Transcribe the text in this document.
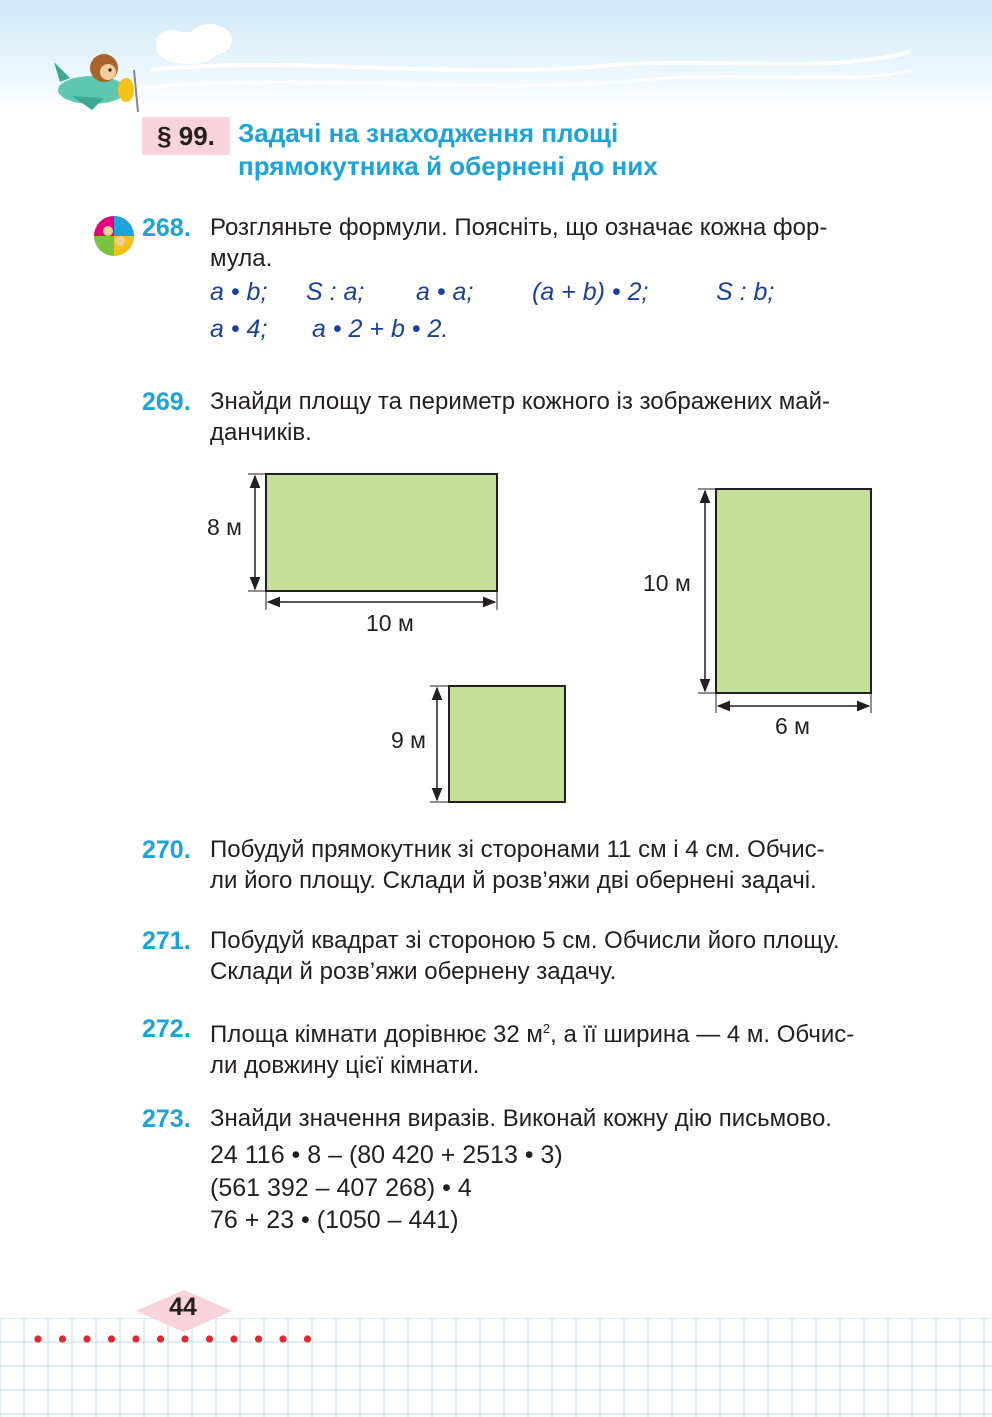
§ 99. Задачі на знаходження площі
прямокутника й обернені до них
268. Розгляньте формули. Поясніть, що означає кожна фор-
мула.
a • b; S : a; a • a; (a + b) • 2;	S : b;
a • 4; a • 2 + b • 2.
269. Знайди площу та периметр кожного із зображених май-
данчиків.
8 м
10 м
10 м
6 м
9 м
270. Побудуй прямокутник зі сторонами 11 см і 4 см. Обчис-
ли його площу. Склади й розв’яжи дві обернені задачі.
271. Побудуй квадрат зі стороною 5 см. Обчисли його площу.
Склади й розв’яжи обернену задачу.
272. Площа кімнати дорівнює 32 $м^2$, а її ширина — 4 м. Обчис-
ли довжину цієї кімнати.
273. Знайди значення виразів. Виконай кожну дію письмово.
24 116 • 8 – (80 420 + 2513 • 3)
(561 392 – 407 268) • 4
76 + 23 • (1050 – 441)
44
